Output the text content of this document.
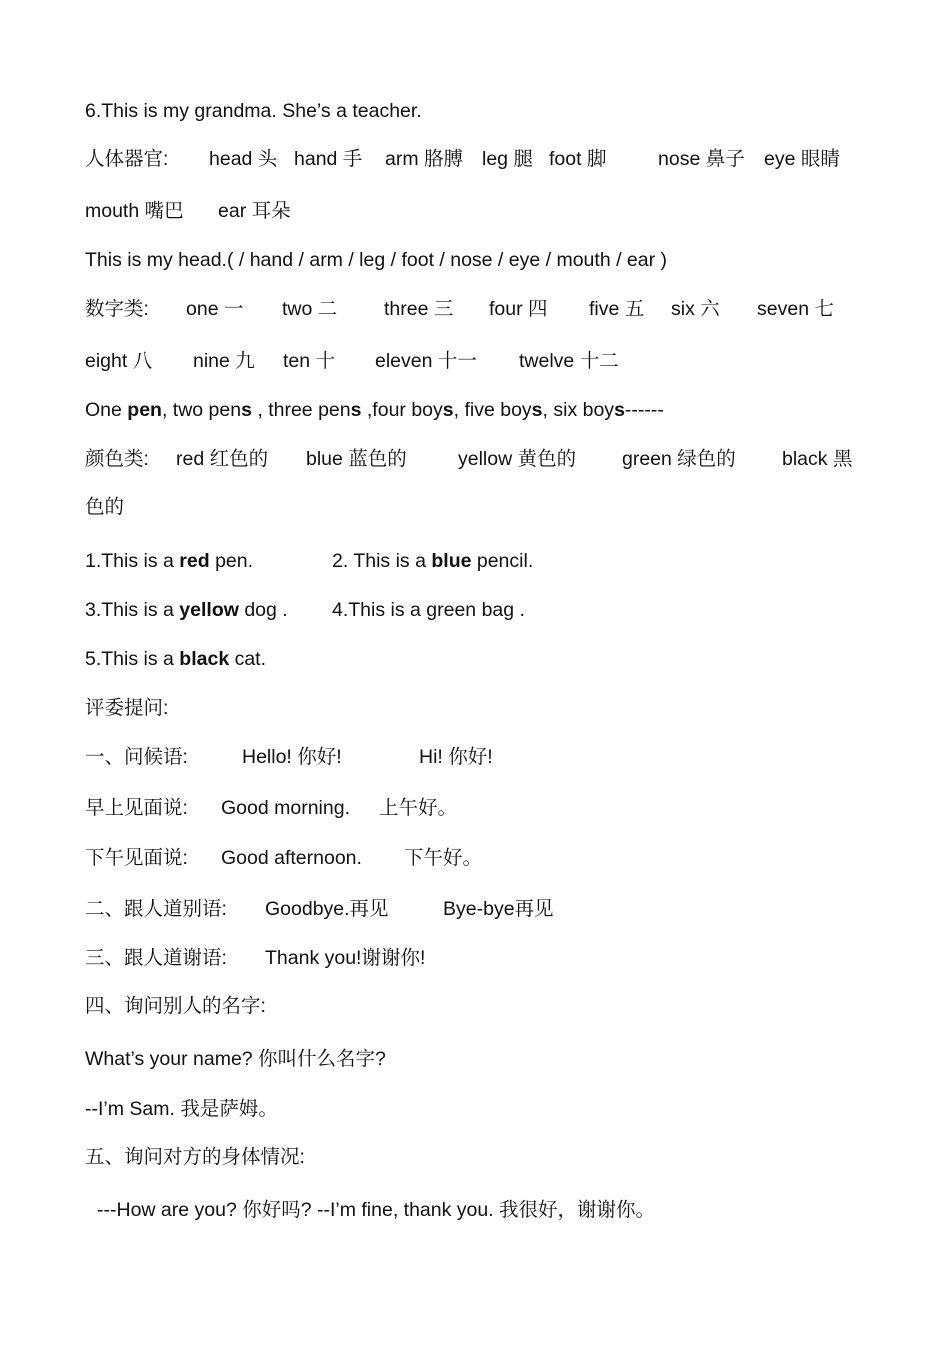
6.This is my grandma. She’s a teacher.
人体器官: head 头 hand 手 arm 胳膊 leg 腿 foot 脚	nose 鼻子 eye 眼睛
mouth 嘴巴 ear 耳朵
This is my head.( / hand / arm / leg / foot / nose / eye / mouth / ear )
数字类: one 一 two 二 three 三 four 四 five 五 six 六 seven 七
eight 八 nine 九 ten 十 eleven 十一 twelve 十二
One pen, two pens , three pens ,four boys, five boys, six boys------
颜色类: red 红色的 blue 蓝色的	yellow 黄色的 green 绿色的 black 黑
色的
1.This is a red pen.	2. This is a blue pencil.
3.This is a yellow dog . 4.This is a green bag .
5.This is a black cat.
评委提问:
一、问候语:	Hello! 你好!	Hi! 你好!
早上见面说: Good morning. 上午好。
下午见面说: Good afternoon. 下午好。
二、跟人道别语: Goodbye.再见	Bye-bye再见
三、跟人道谢语: Thank you!谢谢你!
四、询问别人的名字:
What’s your name? 你叫什么名字?
--I’m Sam. 我是萨姆。
五、询问对方的身体情况:
---How are you? 你好吗? --I’m fine, thank you. 我很好，谢谢你。
